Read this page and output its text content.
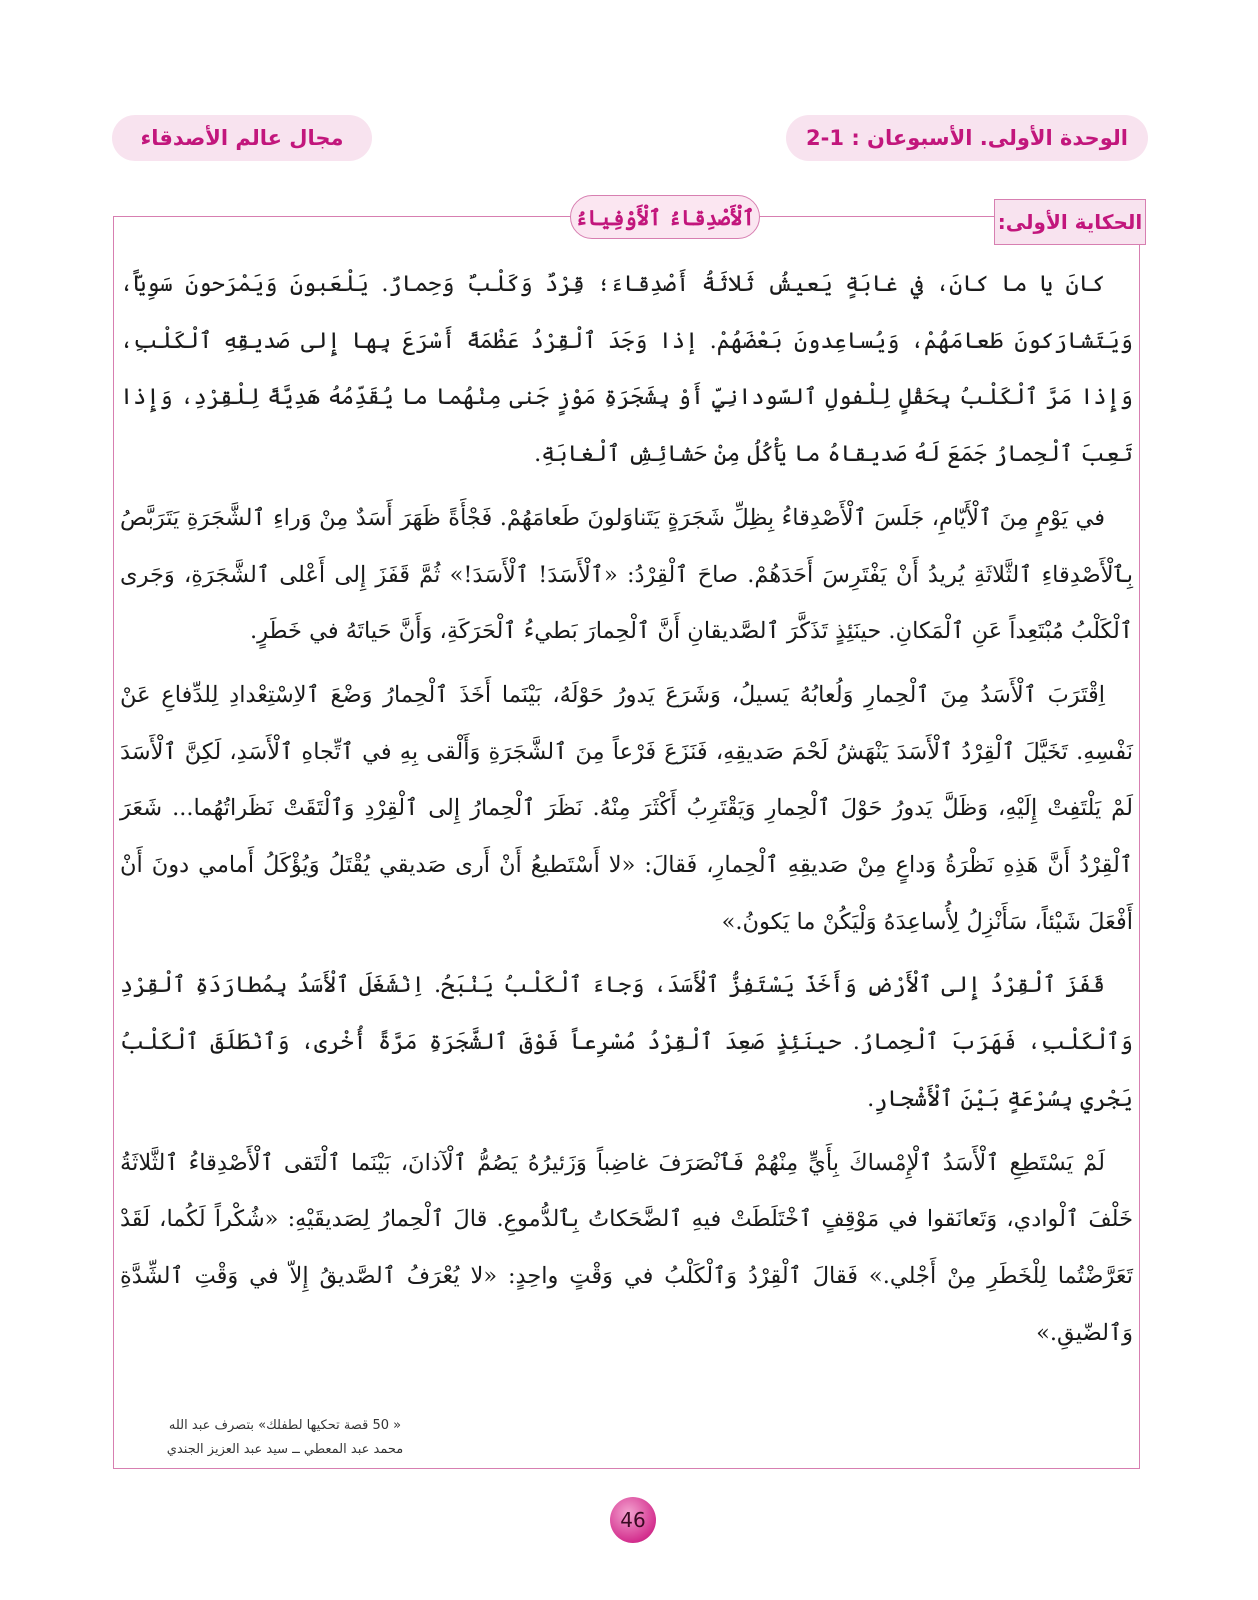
الوحدة الأولى. الأسبوعان : 1-2
مجال عالم الأصدقاء
الحكاية الأولى:
ٱلْأَصْدِقاءُ ٱلْأَوْفِياءُ

كانَ يا ما كانَ، في غابَةٍ يَعيشُ ثَلاثَةُ أَصْدِقاءَ؛ قِرْدٌ وَكَلْبٌ وَحِمارٌ. يَلْعَبونَ وَيَمْرَحونَ سَوِيّاً، وَيَتَشارَكونَ طَعامَهُمْ، وَيُساعِدونَ بَعْضَهُمْ. إذا وَجَدَ ٱلْقِرْدُ عَظْمَةً أَسْرَعَ بِها إِلى صَديقِهِ ٱلْكَلْبِ، وَإِذا مَرَّ ٱلْكَلْبُ بِحَقْلٍ لِلْفولِ ٱلسّودانِيِّ أَوْ بِشَجَرَةِ مَوْزٍ جَنى مِنْهُما ما يُقَدِّمُهُ هَدِيَّةً لِلْقِرْدِ، وَإِذا تَعِبَ ٱلْحِمارُ جَمَعَ لَهُ صَديقاهُ ما يَأْكُلُ مِنْ حَشائِشِ ٱلْغابَةِ.

في يَوْمٍ مِنَ ٱلْأَيّامِ، جَلَسَ ٱلْأَصْدِقاءُ بِظِلِّ شَجَرَةٍ يَتَناوَلونَ طَعامَهُمْ. فَجْأَةً ظَهَرَ أَسَدٌ مِنْ وَراءِ ٱلشَّجَرَةِ يَتَرَبَّصُ بِٱلْأَصْدِقاءِ ٱلثَّلاثَةِ يُريدُ أَنْ يَفْتَرِسَ أَحَدَهُمْ. صاحَ ٱلْقِرْدُ: «ٱلْأَسَدَ! ٱلْأَسَدَ!» ثُمَّ قَفَزَ إِلى أَعْلى ٱلشَّجَرَةِ، وَجَرى ٱلْكَلْبُ مُبْتَعِداً عَنِ ٱلْمَكانِ. حينَئِذٍ تَذَكَّرَ ٱلصَّديقانِ أَنَّ ٱلْحِمارَ بَطيءُ ٱلْحَرَكَةِ، وَأَنَّ حَياتَهُ في خَطَرٍ.

اِقْتَرَبَ ٱلْأَسَدُ مِنَ ٱلْحِمارِ وَلُعابُهُ يَسيلُ، وَشَرَعَ يَدورُ حَوْلَهُ، بَيْنَما أَخَذَ ٱلْحِمارُ وَضْعَ ٱلاِسْتِعْدادِ لِلدِّفاعِ عَنْ نَفْسِهِ. تَخَيَّلَ ٱلْقِرْدُ ٱلْأَسَدَ يَنْهَشُ لَحْمَ صَديقِهِ، فَنَزَعَ فَرْعاً مِنَ ٱلشَّجَرَةِ وَأَلْقى بِهِ في ٱتِّجاهِ ٱلْأَسَدِ، لَكِنَّ ٱلْأَسَدَ لَمْ يَلْتَفِتْ إِلَيْهِ، وَظَلَّ يَدورُ حَوْلَ ٱلْحِمارِ وَيَقْتَرِبُ أَكْثَرَ مِنْهُ. نَظَرَ ٱلْحِمارُ إِلى ٱلْقِرْدِ وَٱلْتَقَتْ نَظَراتُهُما... شَعَرَ ٱلْقِرْدُ أَنَّ هَذِهِ نَظْرَةُ وَداعٍ مِنْ صَديقِهِ ٱلْحِمارِ، فَقالَ: «لا أَسْتَطيعُ أَنْ أَرى صَديقي يُقْتَلُ وَيُؤْكَلُ أَمامي دونَ أَنْ أَفْعَلَ شَيْئاً، سَأَنْزِلُ لِأُساعِدَهُ وَلْيَكُنْ ما يَكونُ.»

قَفَزَ ٱلْقِرْدُ إِلى ٱلْأَرْضِ وَأَخَذَ يَسْتَفِزُّ ٱلْأَسَدَ، وَجاءَ ٱلْكَلْبُ يَنْبَحُ. اِنْشَغَلَ ٱلْأَسَدُ بِمُطارَدَةِ ٱلْقِرْدِ وَٱلْكَلْبِ، فَهَرَبَ ٱلْحِمارُ. حينَئِذٍ صَعِدَ ٱلْقِرْدُ مُسْرِعاً فَوْقَ ٱلشَّجَرَةِ مَرَّةً أُخْرى، وَٱنْطَلَقَ ٱلْكَلْبُ يَجْري بِسُرْعَةٍ بَيْنَ ٱلْأَشْجارِ.

لَمْ يَسْتَطِعِ ٱلْأَسَدُ ٱلْإِمْساكَ بِأَيٍّ مِنْهُمْ فَٱنْصَرَفَ غاضِباً وَزَئيرُهُ يَصُمُّ ٱلْآذانَ، بَيْنَما ٱلْتَقى ٱلْأَصْدِقاءُ ٱلثَّلاثَةُ خَلْفَ ٱلْوادي، وَتَعانَقوا في مَوْقِفٍ ٱخْتَلَطَتْ فيهِ ٱلضَّحَكاتُ بِٱلدُّموعِ. قالَ ٱلْحِمارُ لِصَديقَيْهِ: «شُكْراً لَكُما، لَقَدْ تَعَرَّضْتُما لِلْخَطَرِ مِنْ أَجْلي.» فَقالَ ٱلْقِرْدُ وَٱلْكَلْبُ في وَقْتٍ واحِدٍ: «لا يُعْرَفُ ٱلصَّديقُ إِلاّ في وَقْتِ ٱلشِّدَّةِ وَٱلضّيقِ.»

« 50 قصة تحكيها لطفلك» بتصرف عبد الله
محمد عبد المعطي ــ سيد عبد العزيز الجندي
46
